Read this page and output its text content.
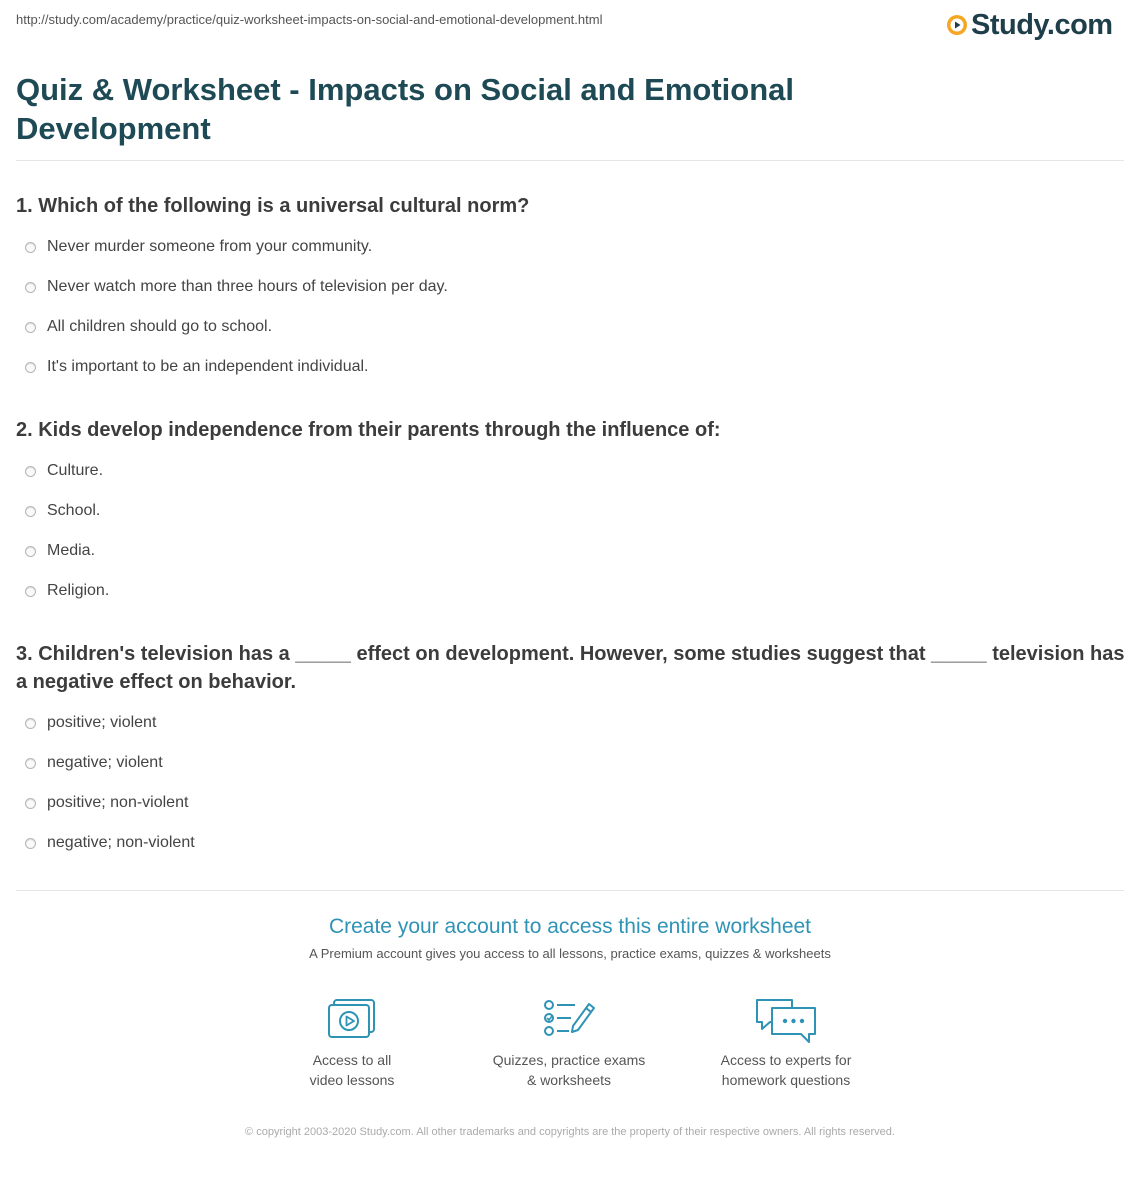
http://study.com/academy/practice/quiz-worksheet-impacts-on-social-and-emotional-development.html	Study.com
Quiz & Worksheet - Impacts on Social and Emotional Development

1. Which of the following is a universal cultural norm?

Never murder someone from your community.
Never watch more than three hours of television per day.
All children should go to school.
It's important to be an independent individual.

2. Kids develop independence from their parents through the influence of:

Culture.
School.
Media.
Religion.

3. Children's television has a _____ effect on development. However, some studies suggest that _____ television has a negative effect on behavior.

positive; violent
negative; violent
positive; non-violent
negative; non-violent

Create your account to access this entire worksheet

A Premium account gives you access to all lessons, practice exams, quizzes & worksheets
Access to all
video lessons
Quizzes, practice exams
& worksheets
Access to experts for
homework questions
© copyright 2003-2020 Study.com. All other trademarks and copyrights are the property of their respective owners. All rights reserved.
